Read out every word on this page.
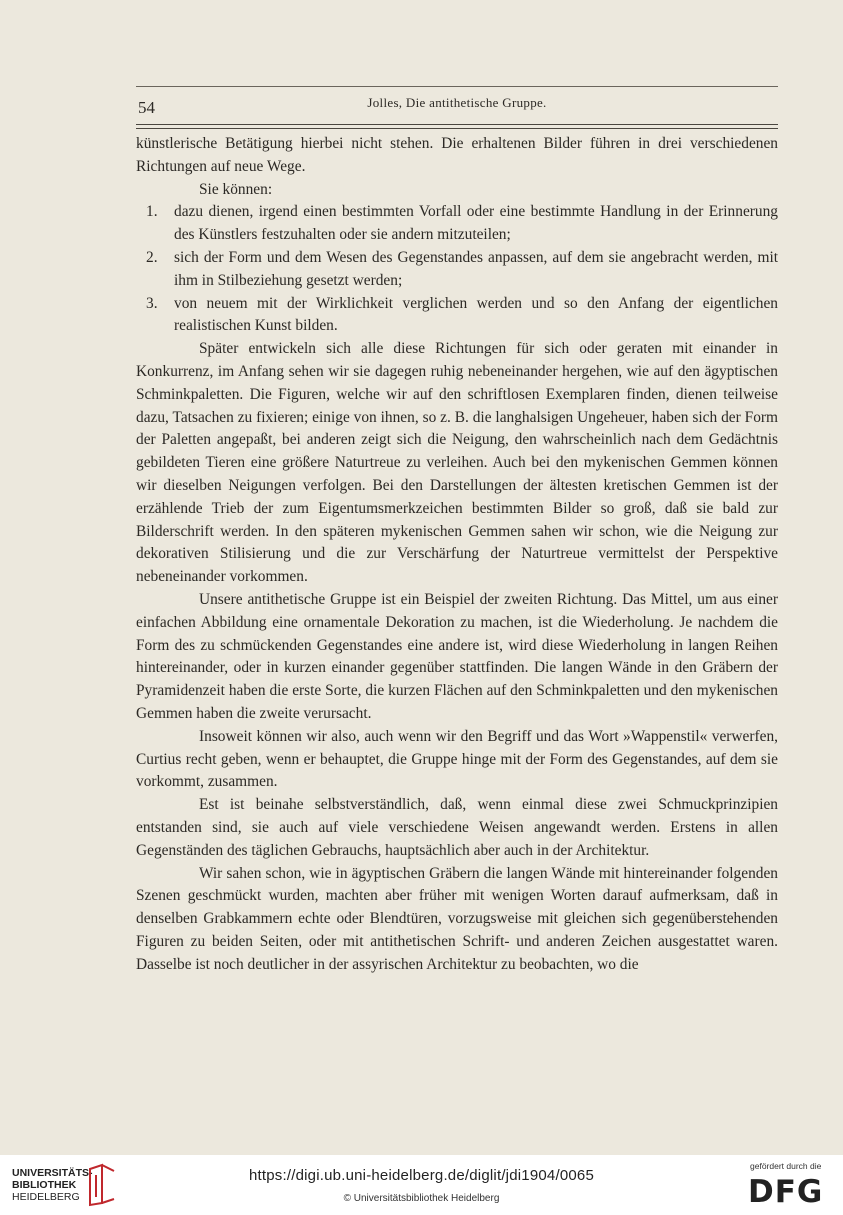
54	Jolles, Die antithetische Gruppe.

künstlerische Betätigung hierbei nicht stehen. Die erhaltenen Bilder führen in drei verschiedenen Richtungen auf neue Wege.

Sie können:

1.	dazu dienen, irgend einen bestimmten Vorfall oder eine bestimmte Handlung in der Erinnerung des Künstlers festzuhalten oder sie andern mitzuteilen;
2.	sich der Form und dem Wesen des Gegenstandes anpassen, auf dem sie angebracht werden, mit ihm in Stilbeziehung gesetzt werden;
3.	von neuem mit der Wirklichkeit verglichen werden und so den Anfang der eigentlichen realistischen Kunst bilden.

Später entwickeln sich alle diese Richtungen für sich oder geraten mit einander in Konkurrenz, im Anfang sehen wir sie dagegen ruhig nebeneinander hergehen, wie auf den ägyptischen Schminkpaletten. Die Figuren, welche wir auf den schriftlosen Exemplaren finden, dienen teilweise dazu, Tatsachen zu fixieren; einige von ihnen, so z. B. die langhalsigen Ungeheuer, haben sich der Form der Paletten angepaßt, bei anderen zeigt sich die Neigung, den wahrscheinlich nach dem Gedächtnis gebildeten Tieren eine größere Naturtreue zu verleihen. Auch bei den mykenischen Gemmen können wir dieselben Neigungen verfolgen. Bei den Darstellungen der ältesten kretischen Gemmen ist der erzählende Trieb der zum Eigentumsmerkzeichen bestimmten Bilder so groß, daß sie bald zur Bilderschrift werden. In den späteren mykenischen Gemmen sahen wir schon, wie die Neigung zur dekorativen Stilisierung und die zur Verschärfung der Naturtreue vermittelst der Perspektive nebeneinander vorkommen.

Unsere antithetische Gruppe ist ein Beispiel der zweiten Richtung. Das Mittel, um aus einer einfachen Abbildung eine ornamentale Dekoration zu machen, ist die Wiederholung. Je nachdem die Form des zu schmückenden Gegenstandes eine andere ist, wird diese Wiederholung in langen Reihen hintereinander, oder in kurzen einander gegenüber stattfinden. Die langen Wände in den Gräbern der Pyramidenzeit haben die erste Sorte, die kurzen Flächen auf den Schminkpaletten und den mykenischen Gemmen haben die zweite verursacht.

Insoweit können wir also, auch wenn wir den Begriff und das Wort »Wappenstil« verwerfen, Curtius recht geben, wenn er behauptet, die Gruppe hinge mit der Form des Gegenstandes, auf dem sie vorkommt, zusammen.

Est ist beinahe selbstverständlich, daß, wenn einmal diese zwei Schmuckprinzipien entstanden sind, sie auch auf viele verschiedene Weisen angewandt werden. Erstens in allen Gegenständen des täglichen Gebrauchs, hauptsächlich aber auch in der Architektur.

Wir sahen schon, wie in ägyptischen Gräbern die langen Wände mit hintereinander folgenden Szenen geschmückt wurden, machten aber früher mit wenigen Worten darauf aufmerksam, daß in denselben Grabkammern echte oder Blendtüren, vorzugsweise mit gleichen sich gegenüberstehenden Figuren zu beiden Seiten, oder mit antithetischen Schrift- und anderen Zeichen ausgestattet waren. Dasselbe ist noch deutlicher in der assyrischen Architektur zu beobachten, wo die

UNIVERSITÄTS-
BIBLIOTHEK
HEIDELBERG
https://digi.ub.uni-heidelberg.de/diglit/jdi1904/0065
© Universitätsbibliothek Heidelberg
gefördert durch die
DFG
